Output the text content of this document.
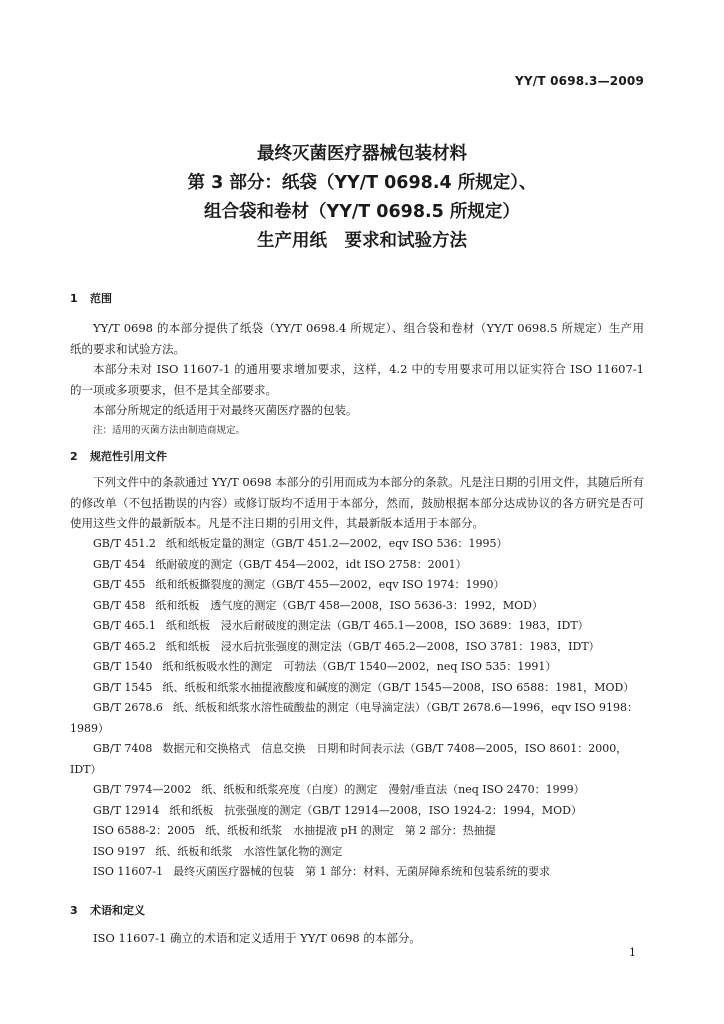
YY/T 0698.3—2009
最终灭菌医疗器械包装材料
第 3 部分：纸袋（YY/T 0698.4 所规定）、
组合袋和卷材（YY/T 0698.5 所规定）
生产用纸　要求和试验方法
1 范围

YY/T 0698 的本部分提供了纸袋（YY/T 0698.4 所规定）、组合袋和卷材（YY/T 0698.5 所规定）生产用纸的要求和试验方法。

本部分未对 ISO 11607-1 的通用要求增加要求，这样，4.2 中的专用要求可用以证实符合 ISO 11607-1 的一项或多项要求，但不是其全部要求。

本部分所规定的纸适用于对最终灭菌医疗器的包装。

注：适用的灭菌方法由制造商规定。
2 规范性引用文件

下列文件中的条款通过 YY/T 0698 本部分的引用而成为本部分的条款。凡是注日期的引用文件，其随后所有的修改单（不包括勘误的内容）或修订版均不适用于本部分，然而，鼓励根据本部分达成协议的各方研究是否可使用这些文件的最新版本。凡是不注日期的引用文件，其最新版本适用于本部分。

GB/T 451.2 纸和纸板定量的测定（GB/T 451.2—2002，eqv ISO 536：1995）
GB/T 454 纸耐破度的测定（GB/T 454—2002，idt ISO 2758：2001）
GB/T 455 纸和纸板撕裂度的测定（GB/T 455—2002，eqv ISO 1974：1990）
GB/T 458 纸和纸板　透气度的测定（GB/T 458—2008，ISO 5636-3：1992，MOD）
GB/T 465.1 纸和纸板　浸水后耐破度的测定法（GB/T 465.1—2008，ISO 3689：1983，IDT）
GB/T 465.2 纸和纸板　浸水后抗张强度的测定法（GB/T 465.2—2008，ISO 3781：1983，IDT）
GB/T 1540 纸和纸板吸水性的测定　可勃法（GB/T 1540—2002，neq ISO 535：1991）
GB/T 1545 纸、纸板和纸浆水抽提液酸度和碱度的测定（GB/T 1545—2008，ISO 6588：1981，MOD）
GB/T 2678.6 纸、纸板和纸浆水溶性硫酸盐的测定（电导滴定法）（GB/T 2678.6—1996，eqv ISO 9198：1989）
GB/T 7408 数据元和交换格式　信息交换　日期和时间表示法（GB/T 7408—2005，ISO 8601：2000，IDT）
GB/T 7974—2002 纸、纸板和纸浆亮度（白度）的测定　漫射/垂直法（neq ISO 2470：1999）
GB/T 12914 纸和纸板　抗张强度的测定（GB/T 12914—2008，ISO 1924-2：1994，MOD）
ISO 6588-2：2005 纸、纸板和纸浆　水抽提液 pH 的测定　第 2 部分：热抽提
ISO 9197 纸、纸板和纸浆　水溶性氯化物的测定
ISO 11607-1 最终灭菌医疗器械的包装　第 1 部分：材料、无菌屏障系统和包装系统的要求
3 术语和定义

ISO 11607-1 确立的术语和定义适用于 YY/T 0698 的本部分。

1
